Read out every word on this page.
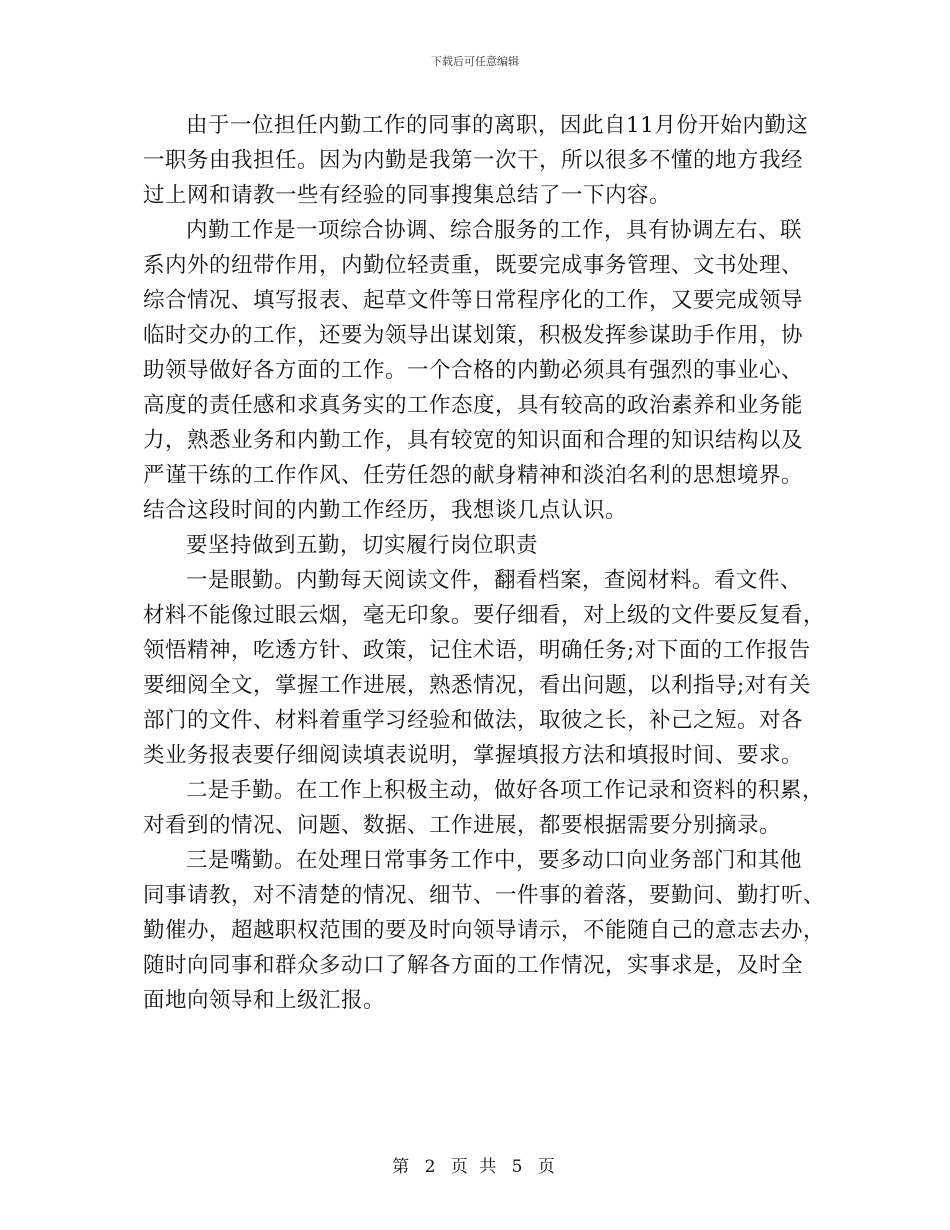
下载后可任意编辑
由于一位担任内勤工作的同事的离职，因此自11月份开始内勤这
一职务由我担任。因为内勤是我第一次干，所以很多不懂的地方我经
过上网和请教一些有经验的同事搜集总结了一下内容。
内勤工作是一项综合协调、综合服务的工作，具有协调左右、联
系内外的纽带作用，内勤位轻责重，既要完成事务管理、文书处理、
综合情况、填写报表、起草文件等日常程序化的工作，又要完成领导
临时交办的工作，还要为领导出谋划策，积极发挥参谋助手作用，协
助领导做好各方面的工作。一个合格的内勤必须具有强烈的事业心、
高度的责任感和求真务实的工作态度，具有较高的政治素养和业务能
力，熟悉业务和内勤工作，具有较宽的知识面和合理的知识结构以及
严谨干练的工作作风、任劳任怨的献身精神和淡泊名利的思想境界。
结合这段时间的内勤工作经历，我想谈几点认识。
要坚持做到五勤，切实履行岗位职责
一是眼勤。内勤每天阅读文件，翻看档案，查阅材料。看文件、
材料不能像过眼云烟，毫无印象。要仔细看，对上级的文件要反复看，
领悟精神，吃透方针、政策，记住术语，明确任务;对下面的工作报告
要细阅全文，掌握工作进展，熟悉情况，看出问题，以利指导;对有关
部门的文件、材料着重学习经验和做法，取彼之长，补己之短。对各
类业务报表要仔细阅读填表说明，掌握填报方法和填报时间、要求。
二是手勤。在工作上积极主动，做好各项工作记录和资料的积累，
对看到的情况、问题、数据、工作进展，都要根据需要分别摘录。
三是嘴勤。在处理日常事务工作中，要多动口向业务部门和其他
同事请教，对不清楚的情况、细节、一件事的着落，要勤问、勤打听、
勤催办，超越职权范围的要及时向领导请示，不能随自己的意志去办，
随时向同事和群众多动口了解各方面的工作情况，实事求是，及时全
面地向领导和上级汇报。
第 2 页 共 5 页
